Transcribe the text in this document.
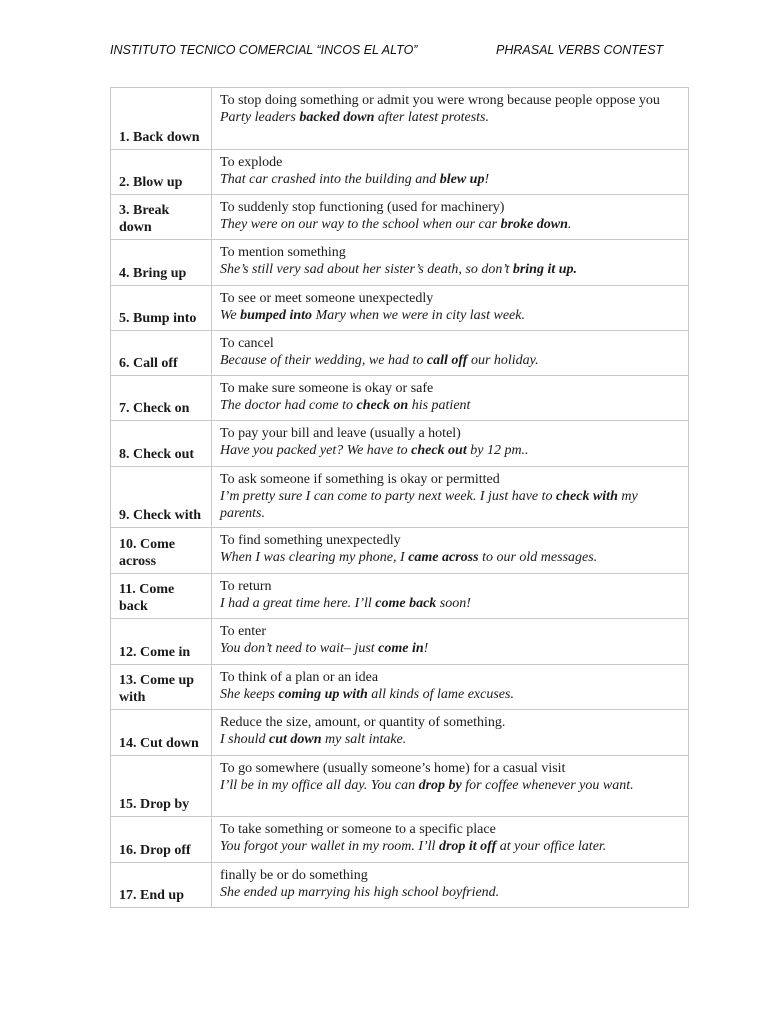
INSTITUTO TECNICO COMERCIAL “INCOS EL ALTO”	PHRASAL VERBS CONTEST
1. Back down	To stop doing something or admit you were wrong because people oppose you
Party leaders backed down after latest protests.

2. Blow up	To explode
That car crashed into the building and blew up!

3. Break down	To suddenly stop functioning (used for machinery)
They were on our way to the school when our car broke down.

4. Bring up	To mention something
She’s still very sad about her sister’s death, so don’t bring it up.

5. Bump into	To see or meet someone unexpectedly
We bumped into Mary when we were in city last week.

6. Call off	To cancel
Because of their wedding, we had to call off our holiday.

7. Check on	To make sure someone is okay or safe
The doctor had come to check on his patient

8. Check out	To pay your bill and leave (usually a hotel)
Have you packed yet? We have to check out by 12 pm..

9. Check with	To ask someone if something is okay or permitted
I’m pretty sure I can come to party next week. I just have to check with my parents.

10. Come across	To find something unexpectedly
When I was clearing my phone, I came across to our old messages.

11. Come back	To return
I had a great time here. I’ll come back soon!

12. Come in	To enter
You don’t need to wait– just come in!

13. Come up with	To think of a plan or an idea
She keeps coming up with all kinds of lame excuses.

14. Cut down	Reduce the size, amount, or quantity of something.
I should cut down my salt intake.

15. Drop by	To go somewhere (usually someone’s home) for a casual visit
I’ll be in my office all day. You can drop by for coffee whenever you want.

16. Drop off	To take something or someone to a specific place
You forgot your wallet in my room. I’ll drop it off at your office later.

17. End up	finally be or do something
She ended up marrying his high school boyfriend.
